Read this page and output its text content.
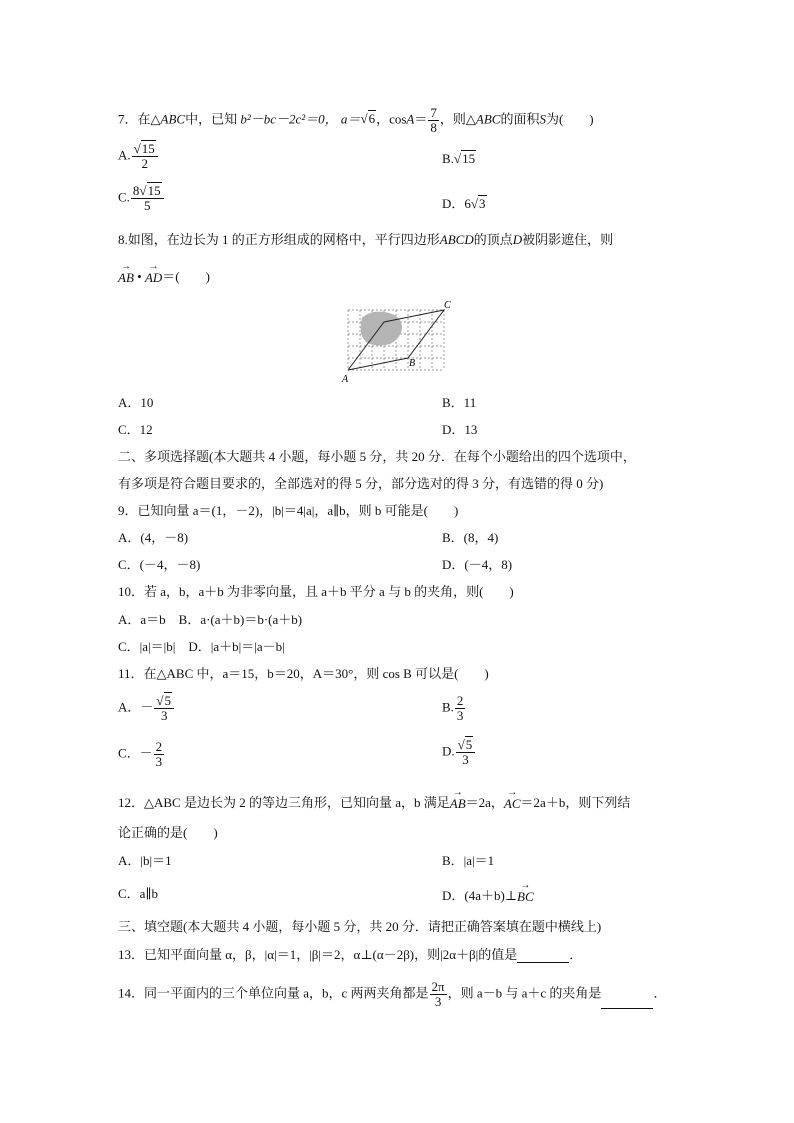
7．在△ABC中，已知 b²－bc－2c²＝0， a＝√6，$\cos A= \frac{7}{8}$ ，则△ABC的面积S为(　　)
A. $\frac{√15}{2}$	B.√15
C. $\frac{8√15}{5}$	D．6√3
8.如图，在边长为 1 的正方形组成的网格中，平行四边形ABCD的顶点D被阴影遮住，则
→
AB •
→
AD ＝(　　)
A
B
C
A．10	B．11
C．12	D．13
二、多项选择题(本大题共 4 小题，每小题 5 分，共 20 分．在每个小题给出的四个选项中，
有多项是符合题目要求的，全部选对的得 5 分，部分选对的得 3 分，有选错的得 0 分)
9．已知向量 a＝(1，－2)，|b|＝4|a|，a∥b，则 b 可能是(　　)
A．(4，－8)	B．(8，4)
C．(－4，－8)	D．(－4，8)
10．若 a，b，a＋b 为非零向量，且 a＋b 平分 a 与 b 的夹角，则(　　)
A．a＝b　B．a·(a＋b)＝b·(a＋b)
C．|a|＝|b|　D．|a＋b|＝|a－b|
11．在△ABC 中，a＝15，b＝20，A＝30°，则 cos B 可以是(　　)
A．－ $\frac{√5}{3}$	B. $\frac{2}{3}$
C．－ $\frac{2}{3}$	D. $\frac{√5}{3}$
12．△ABC 是边长为 2 的等边三角形，已知向量 a，b 满足
→
AB ＝2a，
→
AC ＝2a＋b，则下列结
论正确的是(　　)
A．|b|＝1	B．|a|＝1
C．a∥b	D．(4a＋b)⊥
→
BC
三、填空题(本大题共 4 小题，每小题 5 分，共 20 分．请把正确答案填在题中横线上)
13．已知平面向量 α，β，|α|＝1，|β|＝2，α⊥(α－2β)，则|2α＋β|的值是	．
14．同一平面内的三个单位向量 a，b，c 两两夹角都是 $\frac{2\pi}{3}$ ，则 a－b 与 a＋c 的夹角是	．
